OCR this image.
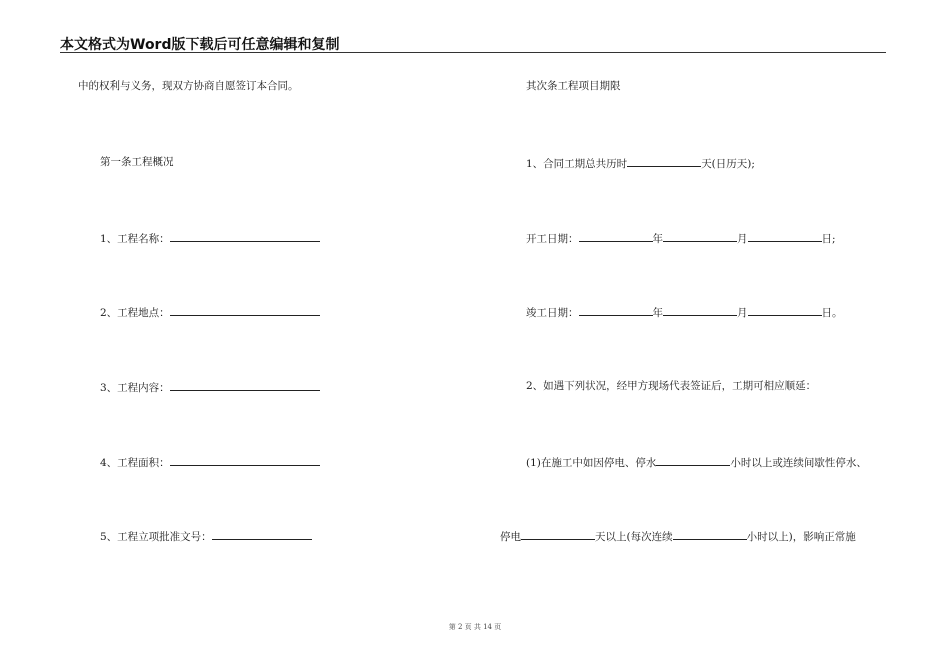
本文格式为Word版下载后可任意编辑和复制
中的权利与义务，现双方协商自愿签订本合同。
第一条工程概况
1、工程名称：
2、工程地点：
3、工程内容：
4、工程面积：
5、工程立项批准文号：
其次条工程项目期限
1、合同工期总共历时	天(日历天);
开工日期：	年	月	日;
竣工日期：	年	月	日。
2、如遇下列状况，经甲方现场代表签证后，工期可相应顺延：
(1)在施工中如因停电、停水	小时以上或连续间歇性停水、
停电	天以上(每次连续	小时以上)，影响正常施
第 2 页 共 14 页
